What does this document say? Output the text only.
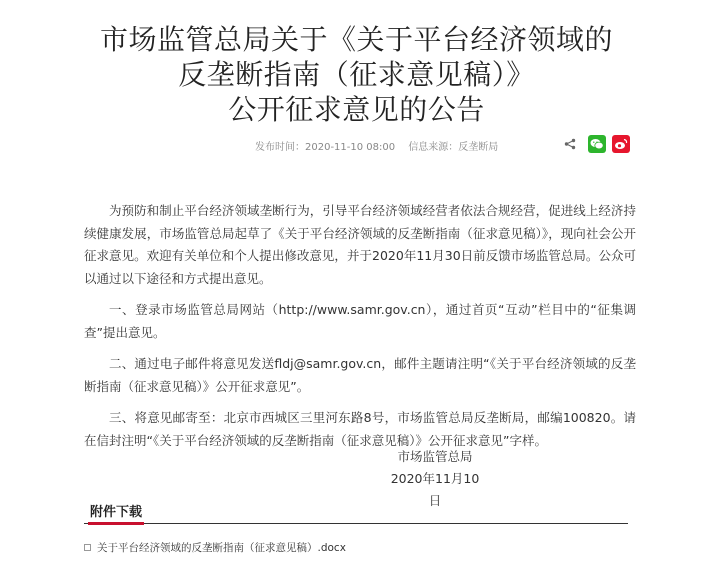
市场监管总局关于《关于平台经济领域的
反垄断指南（征求意见稿）》
公开征求意见的公告
发布时间：2020-11-10 08:00 信息来源：反垄断局

为预防和制止平台经济领域垄断行为，引导平台经济领域经营者依法合规经营，促进线上经济持续健康发展，市场监管总局起草了《关于平台经济领域的反垄断指南（征求意见稿）》，现向社会公开征求意见。欢迎有关单位和个人提出修改意见，并于2020年11月30日前反馈市场监管总局。公众可以通过以下途径和方式提出意见。

一、登录市场监管总局网站（http://www.samr.gov.cn），通过首页“互动”栏目中的“征集调查”提出意见。

二、通过电子邮件将意见发送fldj@samr.gov.cn，邮件主题请注明“《关于平台经济领域的反垄断指南（征求意见稿）》公开征求意见”。

三、将意见邮寄至：北京市西城区三里河东路8号，市场监管总局反垄断局，邮编100820。请在信封注明“《关于平台经济领域的反垄断指南（征求意见稿）》公开征求意见”字样。

市场监管总局
2020年11月10日
附件下载
关于平台经济领域的反垄断指南（征求意见稿）.docx
